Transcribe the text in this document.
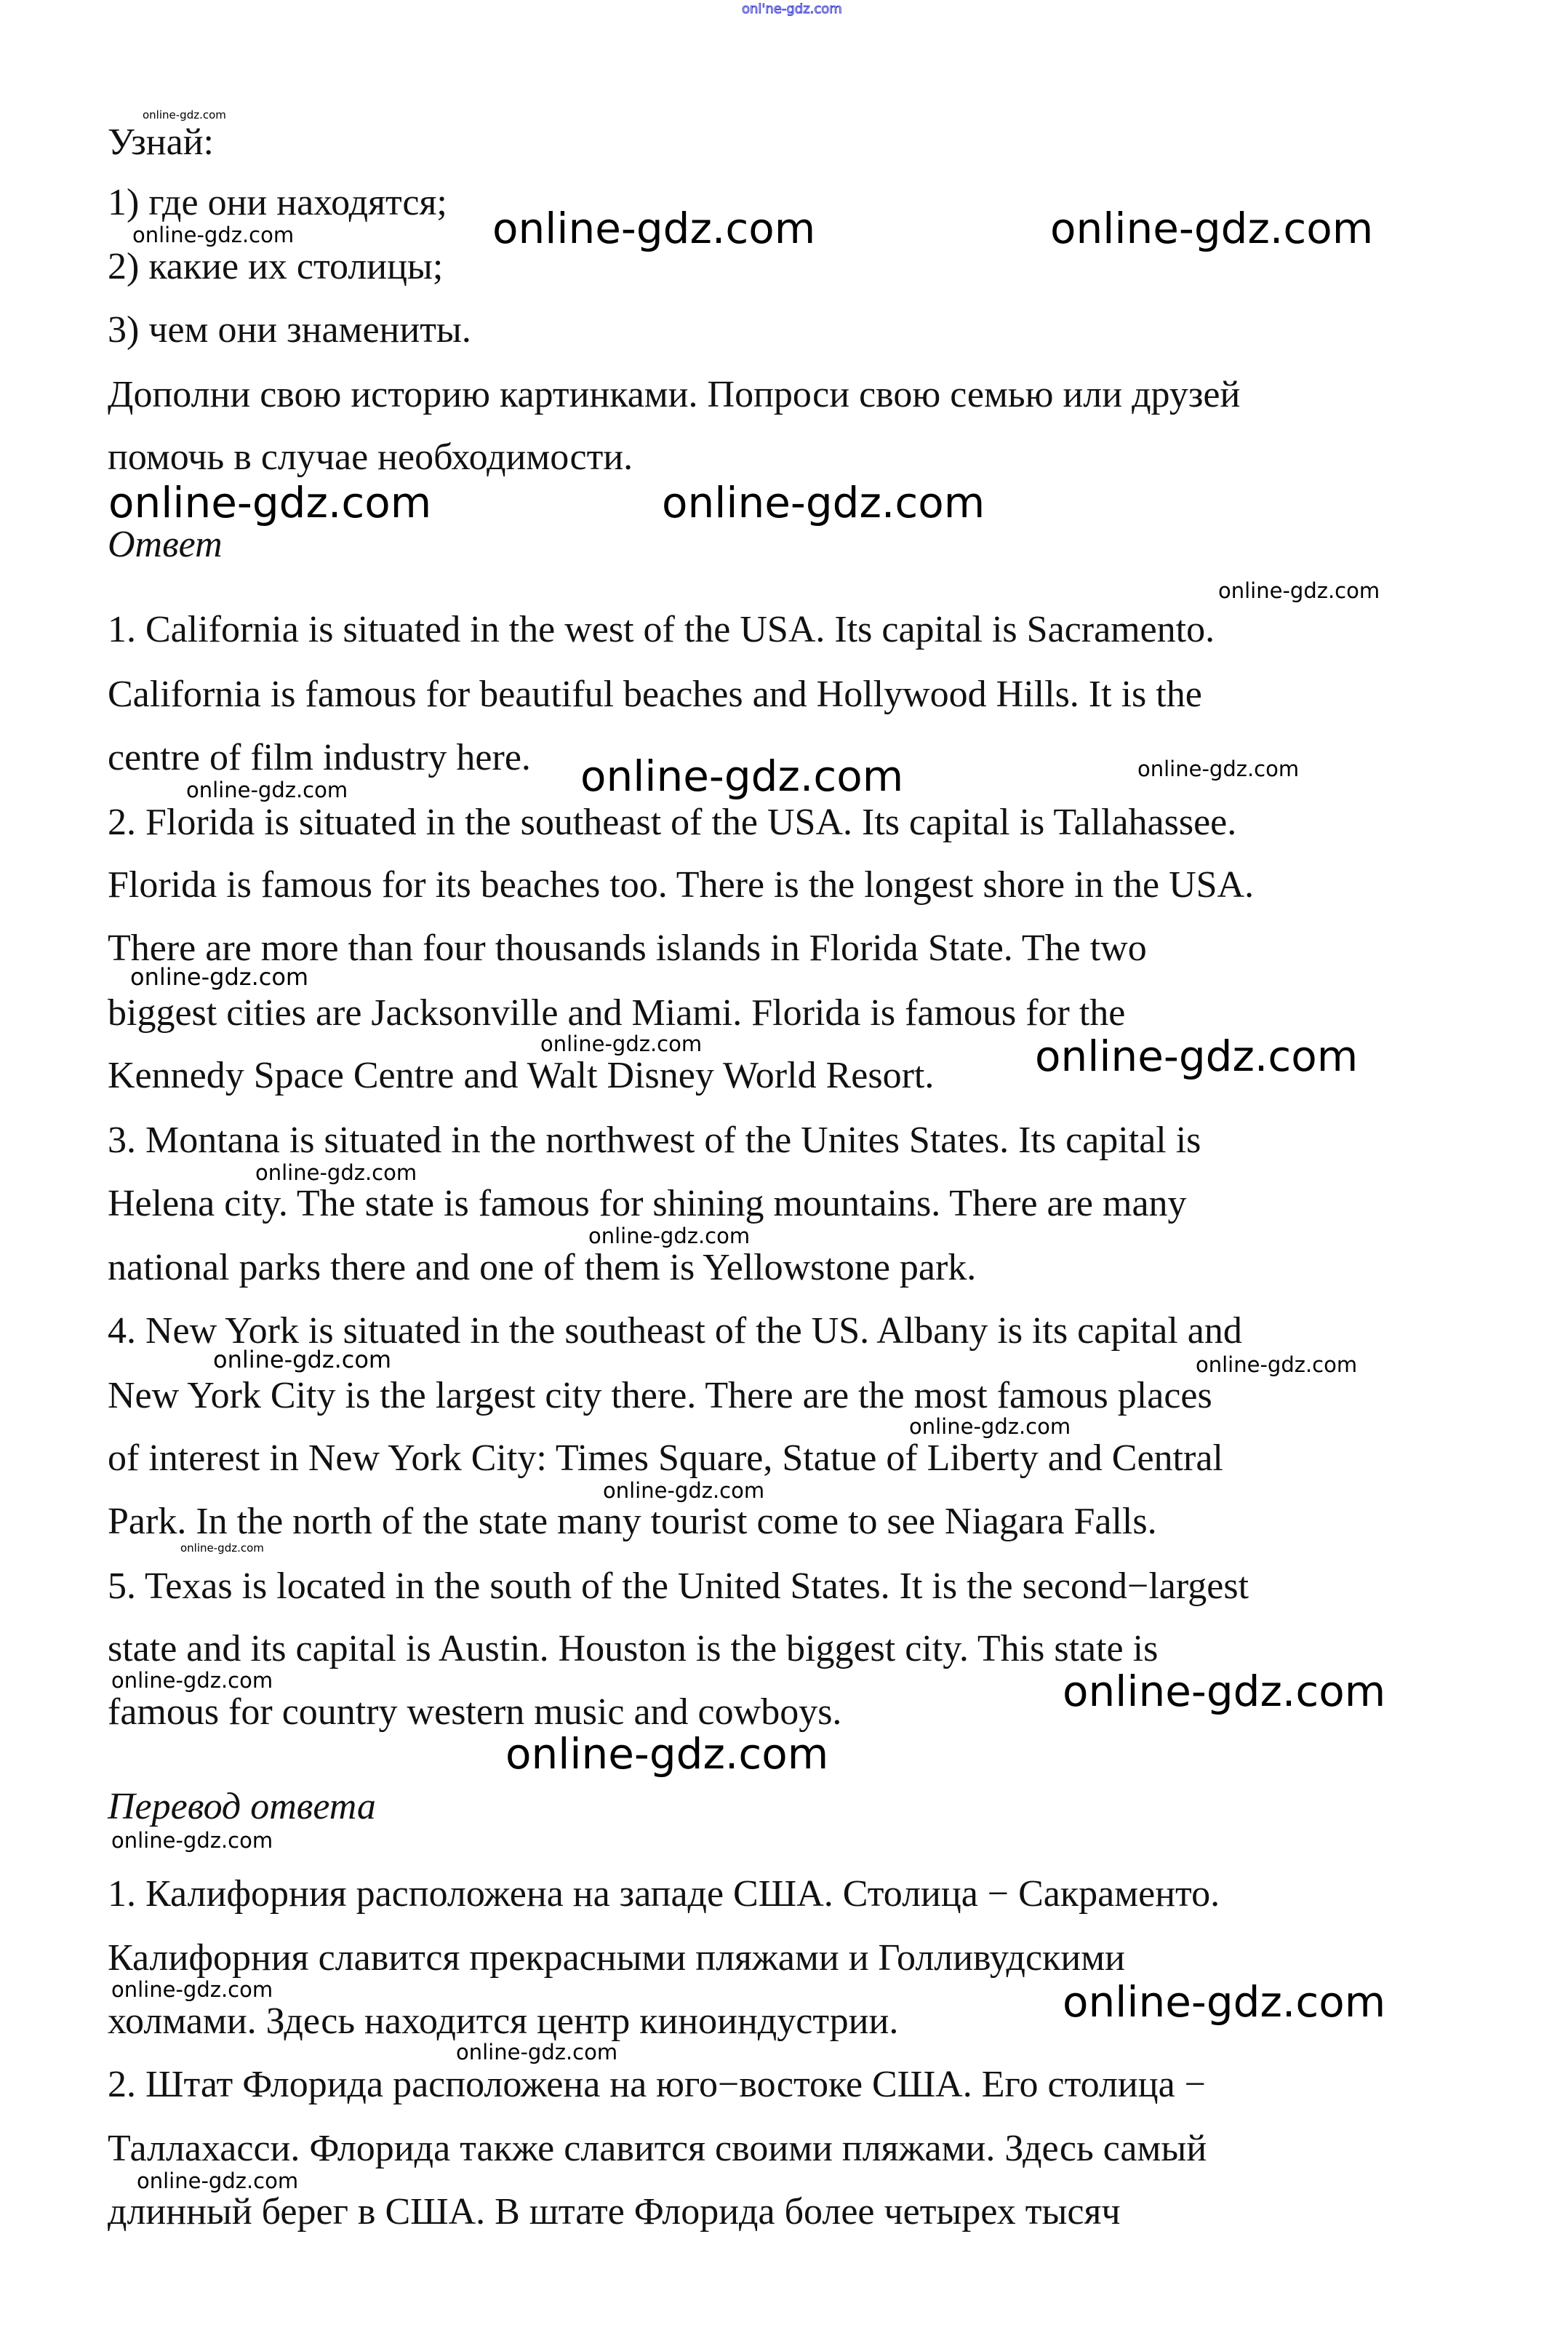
Узнай:
1) где они находятся;
2) какие их столицы;
3) чем они знамениты.
Дополни свою историю картинками. Попроси свою семью или друзей
помочь в случае необходимости.
Ответ
1. California is situated in the west of the USA. Its capital is Sacramento.
California is famous for beautiful beaches and Hollywood Hills. It is the
centre of film industry here.
2. Florida is situated in the southeast of the USA. Its capital is Tallahassee.
Florida is famous for its beaches too. There is the longest shore in the USA.
There are more than four thousands islands in Florida State. The two
biggest cities are Jacksonville and Miami. Florida is famous for the
Kennedy Space Centre and Walt Disney World Resort.
3. Montana is situated in the northwest of the Unites States. Its capital is
Helena city. The state is famous for shining mountains. There are many
national parks there and one of them is Yellowstone park.
4. New York is situated in the southeast of the US. Albany is its capital and
New York City is the largest city there. There are the most famous places
of interest in New York City: Times Square, Statue of Liberty and Central
Park. In the north of the state many tourist come to see Niagara Falls.
5. Texas is located in the south of the United States. It is the second−largest
state and its capital is Austin. Houston is the biggest city. This state is
famous for country western music and cowboys.
Перевод ответа
1. Калифорния расположена на западе США. Столица − Сакраменто.
Калифорния славится прекрасными пляжами и Голливудскими
холмами. Здесь находится центр киноиндустрии.
2. Штат Флорида расположена на юго−востоке США. Его столица −
Таллахасси. Флорида также славится своими пляжами. Здесь самый
длинный берег в США. В штате Флорида более четырех тысяч
online-gdz.com
online-gdz.com	online-gdz.com	online-gdz.com
online-gdz.com	online-gdz.com
online-gdz.com
online-gdz.com	online-gdz.com
online-gdz.com
online-gdz.com
online-gdz.com	online-gdz.com
online-gdz.com
online-gdz.com
online-gdz.com	online-gdz.com
online-gdz.com
online-gdz.com
online-gdz.com
online-gdz.com	online-gdz.com
online-gdz.com
online-gdz.com
online-gdz.com	online-gdz.com
online-gdz.com
online-gdz.com
onl'ne-gdz.com
